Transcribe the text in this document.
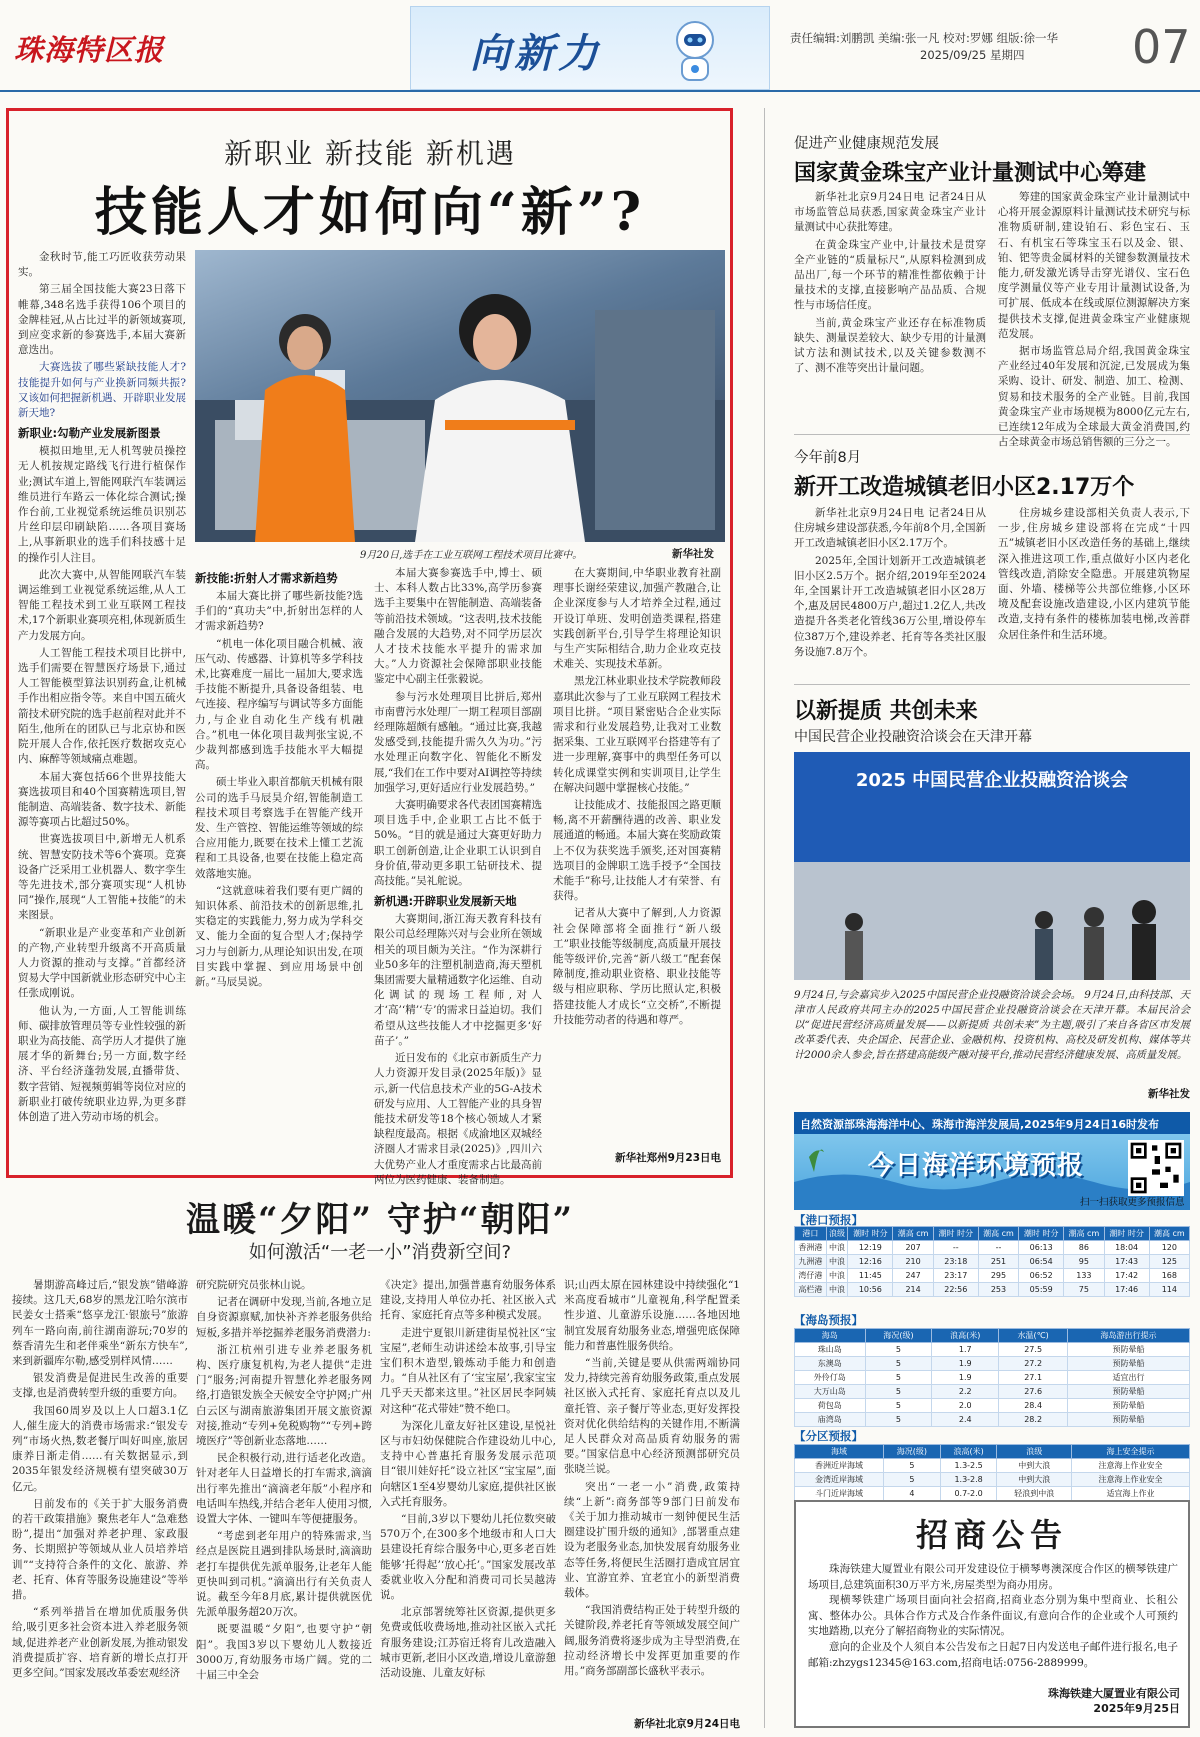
珠海特区报	向新力	责任编辑:刘鹏凯 美编:张一凡 校对:罗娜 组版:徐一华
2025/09/25 星期四	07
新职业 新技能 新机遇
技能人才如何向“新”?

金秋时节,能工巧匠收获劳动果实。

第三届全国技能大赛23日落下帷幕,348名选手获得106个项目的金牌桂冠,从占比过半的新领域赛项,到应变求新的参赛选手,本届大赛新意迭出。

大赛选拔了哪些紧缺技能人才?技能提升如何与产业换新同频共振?又该如何把握新机遇、开辟职业发展新天地?

新职业:勾勒产业发展新图景

模拟田地里,无人机驾驶员操控无人机按规定路线飞行进行植保作业;测试车道上,智能网联汽车装调运维员进行车路云一体化综合测试;操作台前,工业视觉系统运维员识别芯片丝印层印刷缺陷……各项目赛场上,从事新职业的选手们科技感十足的操作引人注目。

此次大赛中,从智能网联汽车装调运维到工业视觉系统运维,从人工智能工程技术到工业互联网工程技术,17个新职业赛项亮相,体现新质生产力发展方向。

人工智能工程技术项目比拼中,选手们需要在智慧医疗场景下,通过人工智能模型算法识别药盒,让机械手作出相应指令等。来自中国五硫火箭技术研究院的选手赵前程对此并不陌生,他所在的团队已与北京协和医院开展人合作,依托医疗数据攻克心内、麻醉等领域痛点难题。

本届大赛包括66个世界技能大赛选拔项目和40个国赛精选项目,智能制造、高端装备、数字技术、新能源等赛项占比超过50%。

世赛选拔项目中,新增无人机系统、智慧安防技术等6个赛项。竞赛设备广泛采用工业机器人、数字孪生等先进技术,部分赛项实现“人机协同”操作,展现“人工智能+技能”的未来图景。

“新职业是产业变革和产业创新的产物,产业转型升级离不开高质量人力资源的推动与支撑。”首都经济贸易大学中国新就业形态研究中心主任张成刚说。

他认为,一方面,人工智能训练师、碳排放管理员等专业性较强的新职业为高技能、高学历人才提供了施展才华的新舞台;另一方面,数字经济、平台经济蓬勃发展,直播带货、数字营销、短视频剪辑等岗位对应的新职业打破传统职业边界,为更多群体创造了进入劳动市场的机会。

9月20日,选手在工业互联网工程技术项目比赛中。	新华社发
新技能:折射人才需求新趋势

本届大赛比拼了哪些新技能?选手们的“真功夫”中,折射出怎样的人才需求新趋势?

“机电一体化项目融合机械、液压气动、传感器、计算机等多学科技术,比赛难度一届比一届加大,要求选手技能不断提升,具备设备组装、电气连接、程序编写与调试等多方面能力,与企业自动化生产线有机融合。”机电一体化项目裁判张宝说,不少裁判都感到选手技能水平大幅提高。

硕士毕业入职首都航天机械有限公司的选手马辰昊介绍,智能制造工程技术项目考察选手在智能产线开发、生产管控、智能运维等领域的综合应用能力,既要在技术上懂工艺流程和工具设备,也要在技能上稳定高效落地实施。

“这就意味着我们要有更广阔的知识体系、前沿技术的创新思维,扎实稳定的实践能力,努力成为学科交叉、能力全面的复合型人才;保持学习力与创新力,从理论知识出发,在项目实践中掌握、到应用场景中创新。”马辰昊说。

本届大赛参赛选手中,博士、硕士、本科人数占比33%,高学历参赛选手主要集中在智能制造、高端装备等前沿技术领域。“这表明,技术技能融合发展的大趋势,对不同学历层次人才技术技能水平提升的需求加大。”人力资源社会保障部职业技能鉴定中心副主任张毅说。

参与污水处理项目比拼后,郑州市南曹污水处理厂一期工程项目部副经理陈超颇有感触。“通过比赛,我越发感受到,技能提升需久久为功。”污水处理正向数字化、智能化不断发展,“我们在工作中要对AI调控等持续加强学习,更好适应行业发展趋势。”

大赛明确要求各代表团国赛精选项目选手中,企业职工占比不低于50%。“目的就是通过大赛更好助力职工创新创造,让企业职工认识到自身价值,带动更多职工钻研技术、提高技能。”吴礼舵说。

新机遇:开辟职业发展新天地

大赛期间,浙江海天教育科技有限公司总经理陈兴对与会业所在领域相关的项目颇为关注。“作为深耕行业50多年的注塑机制造商,海天塑机集团需要大量精通数字化运维、自动化调试的现场工程师,对人才‘高’‘精’‘专’的需求日益迫切。我们希望从这些技能人才中挖掘更多‘好苗子’。”

近日发布的《北京市新质生产力人力资源开发目录(2025年版)》显示,新一代信息技术产业的5G-A技术研发与应用、人工智能产业的具身智能技术研发等18个核心领域人才紧缺程度最高。根据《成渝地区双城经济圈人才需求目录(2025)》,四川六大优势产业人才重度需求占比最高前两位为医药健康、装备制造。

在大赛期间,中华职业教育社副理事长谢经荣建议,加强产教融合,让企业深度参与人才培养全过程,通过开设订单班、发明创造类课程,搭建实践创新平台,引导学生将理论知识与生产实际相结合,助力企业攻克技术难关、实现技术革新。

黑龙江林业职业技术学院教师段嘉琪此次参与了工业互联网工程技术项目比拼。“项目紧密贴合企业实际需求和行业发展趋势,让我对工业数据采集、工业互联网平台搭建等有了进一步理解,赛事中的典型任务可以转化成课堂实例和实训项目,让学生在解决问题中掌握核心技能。”

让技能成才、技能报国之路更顺畅,离不开薪酬待遇的改善、职业发展通道的畅通。本届大赛在奖励政策上不仅为获奖选手颁奖,还对国赛精选项目的金牌职工选手授予“全国技术能手”称号,让技能人才有荣誉、有获得。

记者从大赛中了解到,人力资源社会保障部将全面推行“新八级工”职业技能等级制度,高质量开展技能等级评价,完善“新八级工”配套保障制度,推动职业资格、职业技能等级与相应职称、学历比照认定,积极搭建技能人才成长“立交桥”,不断提升技能劳动者的待遇和尊严。

新华社郑州9月23日电
促进产业健康规范发展
国家黄金珠宝产业计量测试中心筹建

新华社北京9月24日电 记者24日从市场监管总局获悉,国家黄金珠宝产业计量测试中心获批筹建。

在黄金珠宝产业中,计量技术是贯穿全产业链的“质量标尺”,从原料检测到成品出厂,每一个环节的精准性都依赖于计量技术的支撑,直接影响产品品质、合规性与市场信任度。

当前,黄金珠宝产业还存在标准物质缺失、测量误差较大、缺少专用的计量测试方法和测试技术,以及关键参数测不了、测不准等突出计量问题。

筹建的国家黄金珠宝产业计量测试中心将开展金源原料计量测试技术研究与标准物质研制,建设铂石、彩色宝石、玉石、有机宝石等珠宝玉石以及金、银、铂、钯等贵金属材料的关键参数测量技术能力,研发激光诱导击穿光谱仪、宝石色度学测量仪等产业专用计量测试设备,为可扩展、低成本在线或原位测源解决方案提供技术支撑,促进黄金珠宝产业健康规范发展。

据市场监管总局介绍,我国黄金珠宝产业经过40年发展和沉淀,已发展成为集采购、设计、研发、制造、加工、检测、贸易和技术服务的全产业链。目前,我国黄金珠宝产业市场规模为8000亿元左右,已连续12年成为全球最大黄金消费国,约占全球黄金市场总销售额的三分之一。

今年前8月
新开工改造城镇老旧小区2.17万个

新华社北京9月24日电 记者24日从住房城乡建设部获悉,今年前8个月,全国新开工改造城镇老旧小区2.17万个。

2025年,全国计划新开工改造城镇老旧小区2.5万个。据介绍,2019年至2024年,全国累计开工改造城镇老旧小区28万个,惠及居民4800万户,超过1.2亿人,共改造提升各类老化管线36万公里,增设停车位387万个,建设养老、托育等各类社区服务设施7.8万个。

住房城乡建设部相关负责人表示,下一步,住房城乡建设部将在完成“十四五”城镇老旧小区改造任务的基础上,继续深入推进这项工作,重点做好小区内老化管线改造,消除安全隐患。开展建筑物屋面、外墙、楼梯等公共部位维修,小区环境及配套设施改造建设,小区内建筑节能改造,支持有条件的楼栋加装电梯,改善群众居住条件和生活环境。

以新提质 共创未来
中国民营企业投融资洽谈会在天津开幕
2025 中国民营企业投融资洽谈会

9月24日,与会嘉宾步入2025中国民营企业投融资洽谈会会场。 9月24日,由科技部、天津市人民政府共同主办的2025中国民营企业投融资洽谈会在天津开幕。本届民洽会以“促进民营经济高质量发展——以新提质 共创未来”为主题,吸引了来自各省区市发展改革委代表、央企国企、民营企业、金融机构、投资机构、高校及研发机构、媒体等共计2000余人参会,旨在搭建高能级产融对接平台,推动民营经济健康发展、高质量发展。

新华社发
自然资源部珠海海洋中心、珠海市海洋发展局,2025年9月24日16时发布
今日海洋环境预报
扫一扫获取更多预报信息
【港口预报】
港口	浪级	潮时 时分	潮高 cm	潮时 时分	潮高 cm	潮时 时分	潮高 cm	潮时 时分	潮高 cm
香洲港	中浪	12:19	207	--	--	06:13	86	18:04	120
九洲港	中浪	12:16	210	23:18	251	06:54	95	17:43	125
湾仔港	中浪	11:45	247	23:17	295	06:52	133	17:42	168
高栏港	中浪	10:56	214	22:56	253	05:59	75	17:46	114
【海岛预报】
海岛	海况(级)	浪高(米)	水温(℃)	海岛游出行提示
珠山岛	5	1.7	27.5	预防晕船
东澳岛	5	1.9	27.2	预防晕船
外伶仃岛	5	1.9	27.1	适宜出行
大万山岛	5	2.2	27.6	预防晕船
荷包岛	5	2.0	28.4	预防晕船
庙湾岛	5	2.4	28.2	预防晕船
【分区预报】
海域	海况(级)	浪高(米)	浪级	海上安全提示
香洲近岸海域	5	1.3-2.5	中到大浪	注意海上作业安全
金湾近岸海域	5	1.3-2.8	中到大浪	注意海上作业安全
斗门近岸海域	4	0.7-2.0	轻浪到中浪	适宜海上作业
招商公告

珠海铁建大厦置业有限公司开发建设位于横琴粤澳深度合作区的横琴铁建广场项目,总建筑面积30万平方米,房屋类型为商办用房。

现横琴铁建广场项目面向社会招商,招商业态分别为集中型商业、长租公寓、整体办公。具体合作方式及合作条件面议,有意向合作的企业或个人可预约实地踏勘,以充分了解招商物业的实际情况。

意向的企业及个人须自本公告发布之日起7日内发送电子邮件进行报名,电子邮箱:zhzygs12345@163.com,招商电话:0756-2889999。

珠海铁建大厦置业有限公司
2025年9月25日
温暖“夕阳” 守护“朝阳”
如何激活“一老一小”消费新空间?

暑期游高峰过后,“银发族”错峰游接续。这几天,68岁的黑龙江哈尔滨市民姜女士搭乘“悠享龙江·银旅号”旅游列车一路向南,前往湖南游玩;70岁的蔡香清先生和老伴乘坐“新东方快车”,来到新疆库尔勒,感受别样风情……

银发消费是促进民生改善的重要支撑,也是消费转型升级的重要方向。

我国60周岁及以上人口超3.1亿人,催生庞大的消费市场需求:“银发专列”市场火热,数老餐厅叫好叫座,旅居康养日渐走俏……有关数据显示,到2035年银发经济规模有望突破30万亿元。

日前发布的《关于扩大服务消费的若干政策措施》聚焦老年人“急难愁盼”,提出“加强对养老护理、家政服务、长期照护等领域从业人员培养培训”“支持符合条件的文化、旅游、养老、托育、体育等服务设施建设”等举措。

“系列举措旨在增加优质服务供给,吸引更多社会资本进入养老服务领域,促进养老产业创新发展,为推动银发消费提质扩容、培育新的增长点打开更多空间。”国家发展改革委宏观经济

研究院研究员张林山说。

记者在调研中发现,当前,各地立足自身资源禀赋,加快补齐养老服务供给短板,多措并举挖掘养老服务消费潜力:

浙江杭州引进专业养老服务机构、医疗康复机构,为老人提供“走进门”服务;河南提升智慧化养老服务网络,打造银发族全天候安全守护网;广州白云区与湖南旅游集团开展文旅资源对接,推动“专列+免税购物”“专列+跨境医疗”等创新业态落地……

民企积极行动,进行适老化改造。针对老年人日益增长的打车需求,滴滴出行率先推出“滴滴老年版”小程序和电话叫车热线,并结合老年人使用习惯,设置大字体、一键叫车等便捷服务。

“考虑到老年用户的特殊需求,当经点是医院且遇到排队场景时,滴滴助老打车提供优先派单服务,让老年人能更快叫到司机。”滴滴出行有关负责人说。截至今年8月底,累计提供就医优先派单服务超20万次。

既要温暖“夕阳”,也要守护“朝阳”。我国3岁以下婴幼儿人数接近3000万,育幼服务市场广阔。党的二十届三中全会

《决定》提出,加强普惠育幼服务体系建设,支持用人单位办托、社区嵌入式托育、家庭托育点等多种模式发展。

走进宁夏银川新建街星悦社区“宝宝屋”,老师生动讲述绘本故事,引导宝宝们积木造型,锻炼动手能力和创造力。“自从社区有了‘宝宝屋’,我家宝宝几乎天天都来这里。”社区居民李阿姨对这种“花式带娃”赞不绝口。

为深化儿童友好社区建设,星悦社区与市妇幼保健院合作建设幼儿中心,支持中心普惠托育服务发展示范项目“银川娃好托”设立社区“宝宝屋”,面向辖区1至4岁婴幼儿家庭,提供社区嵌入式托育服务。

“目前,3岁以下婴幼儿托位数突破570万个,在300多个地级市和人口大县建设托育综合服务中心,更多老百姓能够‘托得起’‘放心托’。”国家发展改革委就业收入分配和消费司司长吴越涛说。

北京部署统筹社区资源,提供更多免费或低收费场地,推动社区嵌入式托育服务建设;江苏宿迁将育儿改造融入城市更新,老旧小区改造,增设儿童游憩活动设施、儿童友好标

识;山西太原在园林建设中持续强化“1米高度看城市”儿童视角,科学配置柔性步道、儿童游乐设施……各地因地制宜发展育幼服务业态,增强兜底保障能力和普惠性服务供给。

“当前,关键是要从供需两端协同发力,持续完善育幼服务政策,重点发展社区嵌入式托育、家庭托育点以及儿童托管、亲子餐厅等业态,更好发挥投资对优化供给结构的关键作用,不断满足人民群众对高品质育幼服务的需要。”国家信息中心经济预测部研究员张晓兰说。

突出“一老一小”消费,政策持续“上新”:商务部等9部门日前发布《关于加力推动城市一刻钟便民生活圈建设扩围升级的通知》,部署重点建设为老服务业态,加快发展育幼服务业态等任务,将便民生活圈打造成宜居宜业、宜游宜养、宜老宜小的新型消费载体。

“我国消费结构正处于转型升级的关键阶段,养老托育等领域发展空间广阔,服务消费将逐步成为主导型消费,在拉动经济增长中发挥更加重要的作用。”商务部副部长盛秋平表示。

新华社北京9月24日电
